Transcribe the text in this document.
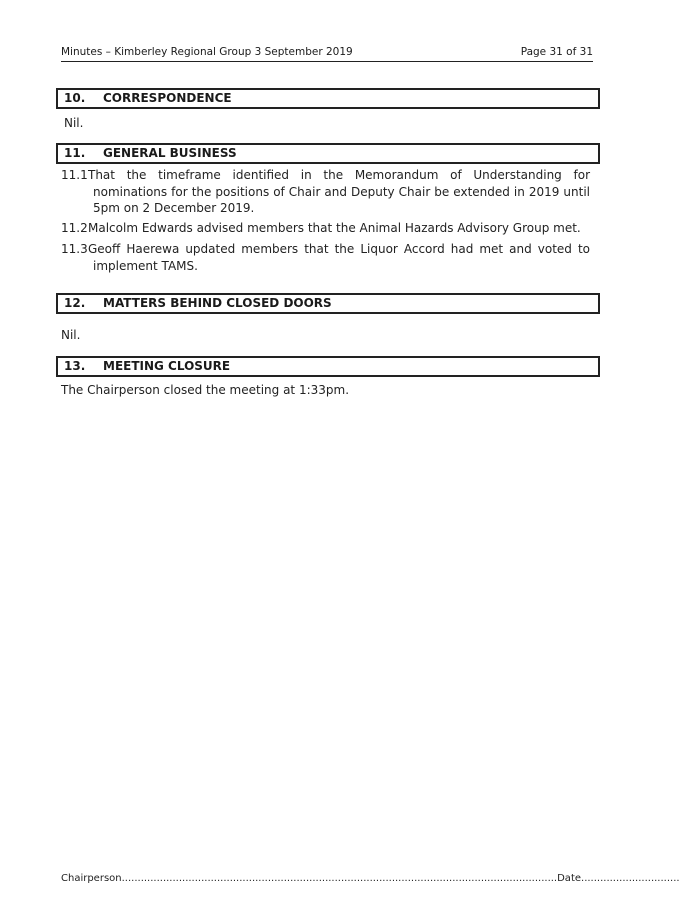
Minutes – Kimberley Regional Group 3 September 2019	Page 31 of 31
10. CORRESPONDENCE
Nil.
11. GENERAL BUSINESS
11.1 That the timeframe identified in the Memorandum of Understanding for nominations for the positions of Chair and Deputy Chair be extended in 2019 until 5pm on 2 December 2019.
11.2 Malcolm Edwards advised members that the Animal Hazards Advisory Group met.
11.3 Geoff Haerewa updated members that the Liquor Accord had met and voted to implement TAMS.
12. MATTERS BEHIND CLOSED DOORS
Nil.
13. MEETING CLOSURE
The Chairperson closed the meeting at 1:33pm.
Chairperson.........................................................................................................................................Date...............................
